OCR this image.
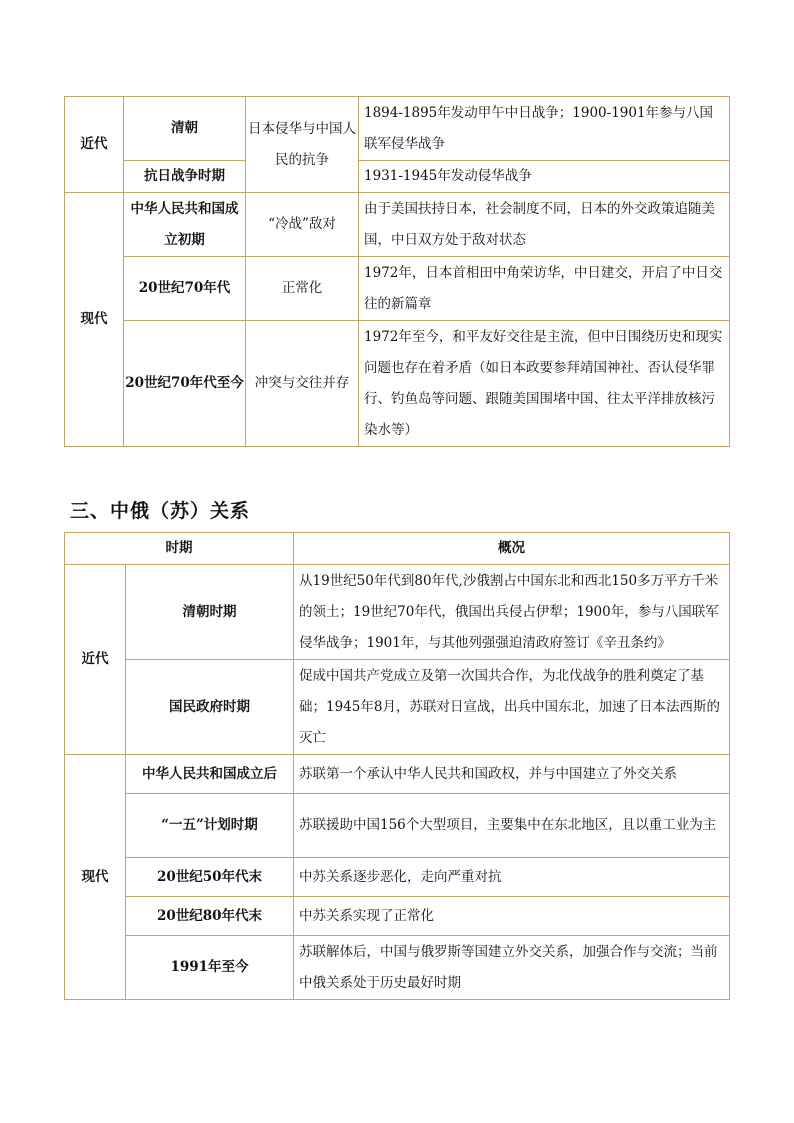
近代	清朝	日本侵华与中国人民的抗争	1894-1895年发动甲午中日战争；1900-1901年参与八国联军侵华战争
	抗日战争时期		1931-1945年发动侵华战争
现代	中华人民共和国成立初期	“冷战”敌对	由于美国扶持日本，社会制度不同，日本的外交政策追随美国，中日双方处于敌对状态
	20世纪70年代	正常化	1972年，日本首相田中角荣访华，中日建交，开启了中日交往的新篇章
	20世纪70年代至今	冲突与交往并存	1972年至今，和平友好交往是主流，但中日围绕历史和现实问题也存在着矛盾（如日本政要参拜靖国神社、否认侵华罪行、钓鱼岛等问题、跟随美国围堵中国、往太平洋排放核污染水等）
三、中俄（苏）关系
时期		概况
近代	清朝时期	从19世纪50年代到80年代,沙俄割占中国东北和西北150多万平方千米的领土；19世纪70年代，俄国出兵侵占伊犁；1900年，参与八国联军侵华战争；1901年，与其他列强强迫清政府签订《辛丑条约》
	国民政府时期	促成中国共产党成立及第一次国共合作，为北伐战争的胜利奠定了基础；1945年8月，苏联对日宣战，出兵中国东北，加速了日本法西斯的灭亡
现代	中华人民共和国成立后	苏联第一个承认中华人民共和国政权，并与中国建立了外交关系
	“一五”计划时期	苏联援助中国156个大型项目，主要集中在东北地区，且以重工业为主
	20世纪50年代末	中苏关系逐步恶化，走向严重对抗
	20世纪80年代末	中苏关系实现了正常化
	1991年至今	苏联解体后，中国与俄罗斯等国建立外交关系，加强合作与交流；当前中俄关系处于历史最好时期
